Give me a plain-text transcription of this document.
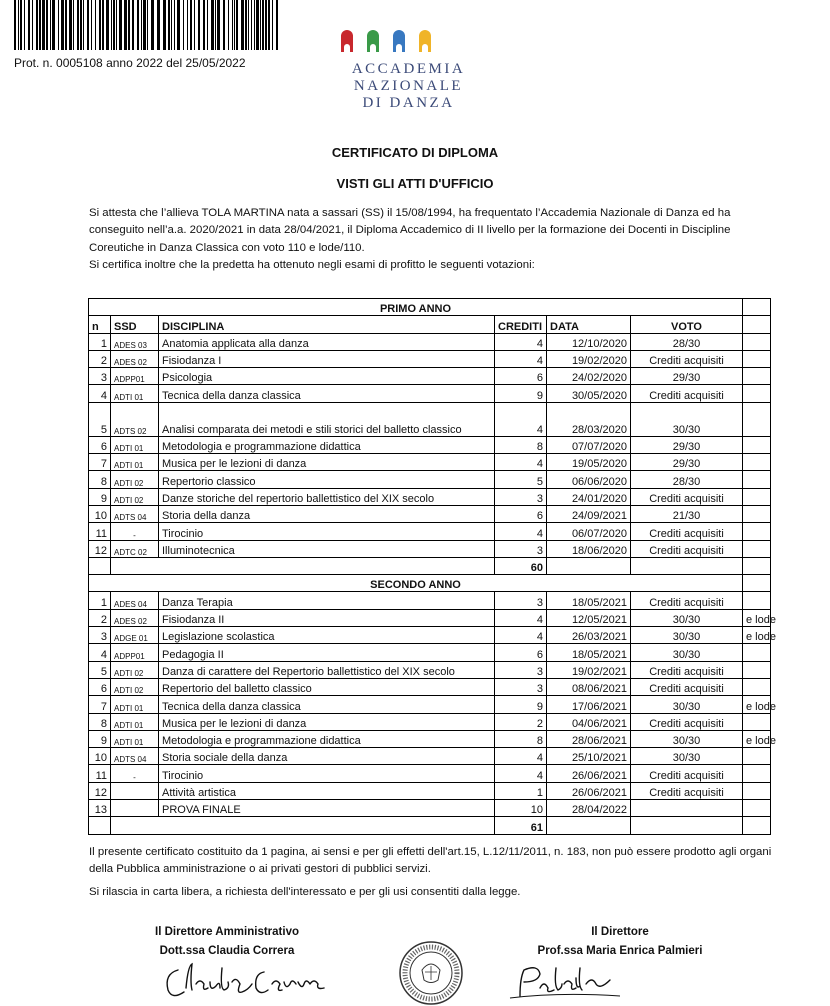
Prot. n. 0005108 anno 2022 del 25/05/2022	ACCADEMIA
NAZIONALE
DI DANZA
CERTIFICATO DI DIPLOMA
VISTI GLI ATTI D'UFFICIO

Si attesta che l’allieva TOLA MARTINA nata a sassari (SS) il 15/08/1994, ha frequentato l’Accademia Nazionale di Danza ed ha conseguito nell’a.a. 2020/2021 in data 28/04/2021, il Diploma Accademico di II livello per la formazione dei Docenti in Discipline Coreutiche in Danza Classica con voto 110 e lode/110.

Si certifica inoltre che la predetta ha ottenuto negli esami di profitto le seguenti votazioni:

PRIMO ANNO						
n	SSD	DISCIPLINA	CREDITI	DATA	VOTO	
1	ADES 03	Anatomia applicata alla danza	4	12/10/2020	28/30	
2	ADES 02	Fisiodanza I	4	19/02/2020	Crediti acquisiti	
3	ADPP01	Psicologia	6	24/02/2020	29/30	
4	ADTI 01	Tecnica della danza classica	9	30/05/2020	Crediti acquisiti	
5	ADTS 02	Analisi comparata dei metodi e stili storici del balletto classico	4	28/03/2020	30/30	
6	ADTI 01	Metodologia e programmazione didattica	8	07/07/2020	29/30	
7	ADTI 01	Musica per le lezioni di danza	4	19/05/2020	29/30	
8	ADTI 02	Repertorio classico	5	06/06/2020	28/30	
9	ADTI 02	Danze storiche del repertorio ballettistico del XIX secolo	3	24/01/2020	Crediti acquisiti	
10	ADTS 04	Storia della danza	6	24/09/2021	21/30	
11	-	Tirocinio	4	06/07/2020	Crediti acquisiti	
12	ADTC 02	Illuminotecnica	3	18/06/2020	Crediti acquisiti	
			60			
SECONDO ANNO						
1	ADES 04	Danza Terapia	3	18/05/2021	Crediti acquisiti	
2	ADES 02	Fisiodanza II	4	12/05/2021	30/30	e lode
3	ADGE 01	Legislazione scolastica	4	26/03/2021	30/30	e lode
4	ADPP01	Pedagogia II	6	18/05/2021	30/30	
5	ADTI 02	Danza di carattere del Repertorio ballettistico del XIX secolo	3	19/02/2021	Crediti acquisiti	
6	ADTI 02	Repertorio del balletto classico	3	08/06/2021	Crediti acquisiti	
7	ADTI 01	Tecnica della danza classica	9	17/06/2021	30/30	e lode
8	ADTI 01	Musica per le lezioni di danza	2	04/06/2021	Crediti acquisiti	
9	ADTI 01	Metodologia e programmazione didattica	8	28/06/2021	30/30	e lode
10	ADTS 04	Storia sociale della danza	4	25/10/2021	30/30	
11	-	Tirocinio	4	26/06/2021	Crediti acquisiti	
12		Attività artistica	1	26/06/2021	Crediti acquisiti	
13		PROVA FINALE	10	28/04/2022		
			61			
Il presente certificato costituito da 1 pagina, ai sensi e per gli effetti dell'art.15, L.12/11/2011, n. 183, non può essere prodotto agli organi della Pubblica amministrazione o ai privati gestori di pubblici servizi.
Si rilascia in carta libera, a richiesta dell'interessato e per gli usi consentiti dalla legge.
Il Direttore Amministrativo
Dott.ssa Claudia Correra
Il Direttore
Prof.ssa Maria Enrica Palmieri
